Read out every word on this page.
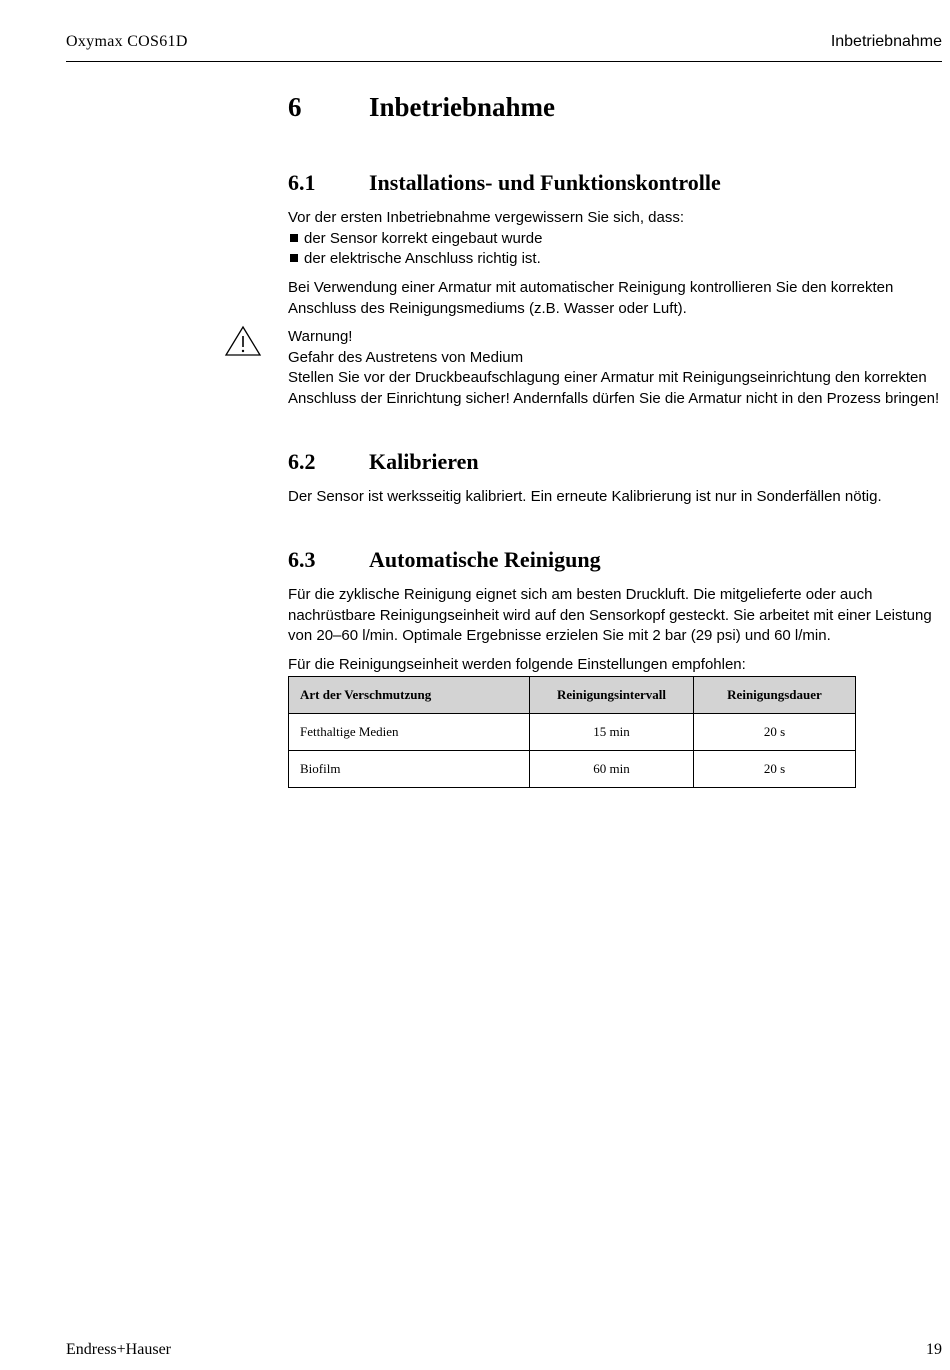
Oxymax COS61D	Inbetriebnahme
6	Inbetriebnahme
6.1 Installations- und Funktionskontrolle
Vor der ersten Inbetriebnahme vergewissern Sie sich, dass:
der Sensor korrekt eingebaut wurde
der elektrische Anschluss richtig ist.
Bei Verwendung einer Armatur mit automatischer Reinigung kontrollieren Sie den korrekten Anschluss des Reinigungsmediums (z.B. Wasser oder Luft).
Warnung!
Gefahr des Austretens von Medium
Stellen Sie vor der Druckbeaufschlagung einer Armatur mit Reinigungseinrichtung den korrekten Anschluss der Einrichtung sicher! Andernfalls dürfen Sie die Armatur nicht in den Prozess bringen!
6.2 Kalibrieren
Der Sensor ist werksseitig kalibriert. Ein erneute Kalibrierung ist nur in Sonderfällen nötig.
6.3 Automatische Reinigung
Für die zyklische Reinigung eignet sich am besten Druckluft. Die mitgelieferte oder auch nachrüstbare Reinigungseinheit wird auf den Sensorkopf gesteckt. Sie arbeitet mit einer Leistung von 20–60 l/min. Optimale Ergebnisse erzielen Sie mit 2 bar (29 psi) und 60 l/min.
Für die Reinigungseinheit werden folgende Einstellungen empfohlen:
Art der Verschmutzung	Reinigungsintervall	Reinigungsdauer
Fetthaltige Medien	15 min	20 s
Biofilm	60 min	20 s
Endress+Hauser	19
